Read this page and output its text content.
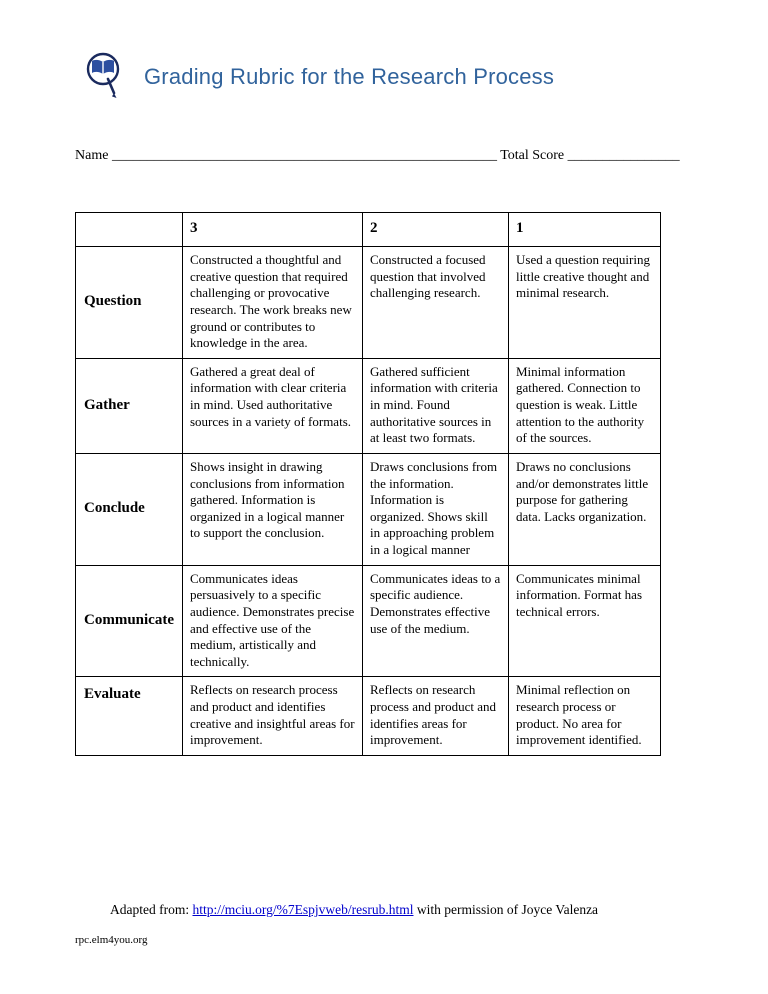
Grading Rubric for the Research Process
Name _______________________________________________________ Total Score ________________
	3	2	1
Question	Constructed a thoughtful and creative question that required challenging or provocative research. The work breaks new ground or contributes to knowledge in the area.	Constructed a focused question that involved challenging research.	Used a question requiring little creative thought and minimal research.
Gather	Gathered a great deal of information with clear criteria in mind. Used authoritative sources in a variety of formats.	Gathered sufficient information with criteria in mind. Found authoritative sources in at least two formats.	Minimal information gathered. Connection to question is weak. Little attention to the authority of the sources.
Conclude	Shows insight in drawing conclusions from information gathered. Information is organized in a logical manner to support the conclusion.	Draws conclusions from the information. Information is organized. Shows skill in approaching problem in a logical manner	Draws no conclusions and/or demonstrates little purpose for gathering data. Lacks organization.
Communicate	Communicates ideas persuasively to a specific audience. Demonstrates precise and effective use of the medium, artistically and technically.	Communicates ideas to a specific audience. Demonstrates effective use of the medium.	Communicates minimal information. Format has technical errors.
Evaluate	Reflects on research process and product and identifies creative and insightful areas for improvement.	Reflects on research process and product and identifies areas for improvement.	Minimal reflection on research process or product. No area for improvement identified.
Adapted from: http://mciu.org/%7Espjvweb/resrub.html with permission of Joyce Valenza
rpc.elm4you.org
